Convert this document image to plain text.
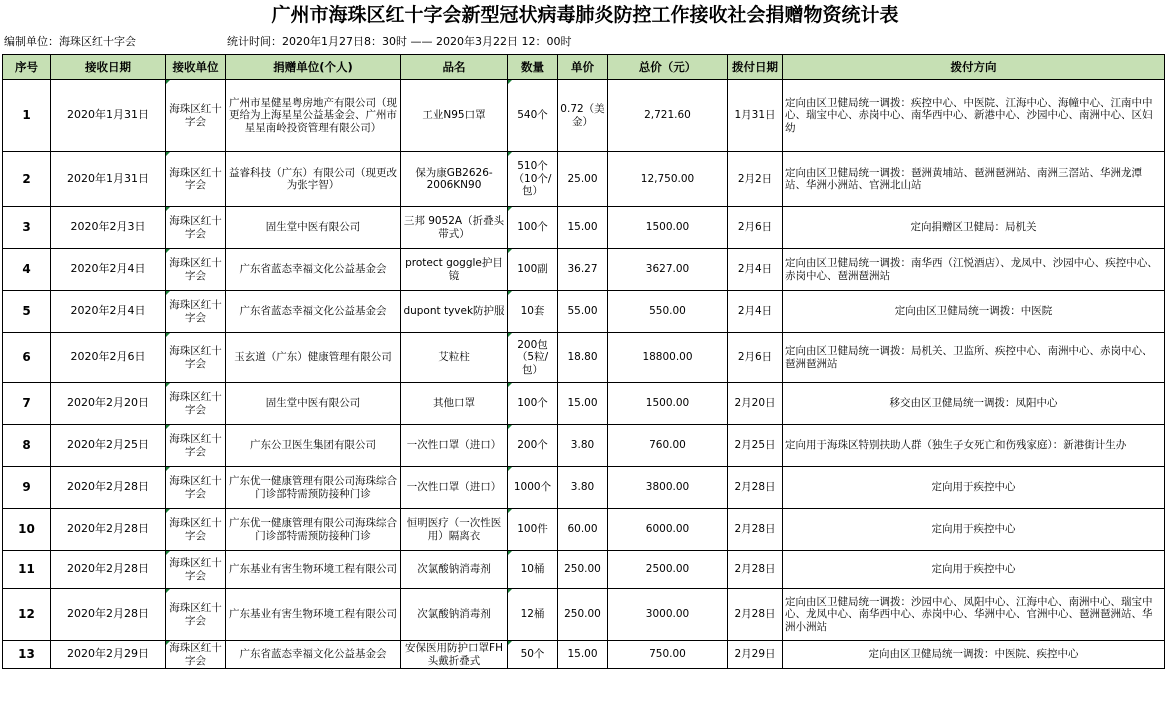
广州市海珠区红十字会新型冠状病毒肺炎防控工作接收社会捐赠物资统计表
编制单位：海珠区红十字会	统计时间：2020年1月27日8：30时 —— 2020年3月22日 12：00时
序号	接收日期	接收单位	捐赠单位(个人)	品名	数量	单价	总价（元）	拨付日期	拨付方向
1	2020年1月31日	海珠区红十字会	广州市星健星粤房地产有限公司（现更给为上海星星公益基金会、广州市星星南岭投资管理有限公司）	工业N95口罩	540个	0.72（美金）	2,721.60	1月31日	定向由区卫健局统一调拨：疾控中心、中医院、江海中心、海幢中心、江南中中心、瑞宝中心、赤岗中心、南华西中心、新港中心、沙园中心、南洲中心、区妇幼
2	2020年1月31日	海珠区红十字会	益睿科技（广东）有限公司（现更改为张宇智）	保为康GB2626-2006KN90	510个（10个/包）	25.00	12,750.00	2月2日	定向由区卫健局统一调拨：琶洲黄埔站、琶洲琶洲站、南洲三滘站、华洲龙潭站、华洲小洲站、官洲北山站
3	2020年2月3日	海珠区红十字会	固生堂中医有限公司	三邦 9052A（折叠头带式）	100个	15.00	1500.00	2月6日	定向捐赠区卫健局：局机关
4	2020年2月4日	海珠区红十字会	广东省蓝态幸福文化公益基金会	protect goggle护目镜	100副	36.27	3627.00	2月4日	定向由区卫健局统一调拨：南华西（江悦酒店）、龙凤中、沙园中心、疾控中心、赤岗中心、琶洲琶洲站
5	2020年2月4日	海珠区红十字会	广东省蓝态幸福文化公益基金会	dupont tyvek防护服	10套	55.00	550.00	2月4日	定向由区卫健局统一调拨：中医院
6	2020年2月6日	海珠区红十字会	玉玄道（广东）健康管理有限公司	艾粒柱	200包（5粒/包）	18.80	18800.00	2月6日	定向由区卫健局统一调拨：局机关、卫监所、疾控中心、南洲中心、赤岗中心、琶洲琶洲站
7	2020年2月20日	海珠区红十字会	固生堂中医有限公司	其他口罩	100个	15.00	1500.00	2月20日	移交由区卫健局统一调拨：凤阳中心
8	2020年2月25日	海珠区红十字会	广东公卫医生集团有限公司	一次性口罩（进口）	200个	3.80	760.00	2月25日	定向用于海珠区特别扶助人群（独生子女死亡和伤残家庭）：新港街计生办
9	2020年2月28日	海珠区红十字会	广东优一健康管理有限公司海珠综合门诊部特需预防接种门诊	一次性口罩（进口）	1000个	3.80	3800.00	2月28日	定向用于疾控中心
10	2020年2月28日	海珠区红十字会	广东优一健康管理有限公司海珠综合门诊部特需预防接种门诊	恒明医疗（一次性医用）隔离衣	100件	60.00	6000.00	2月28日	定向用于疾控中心
11	2020年2月28日	海珠区红十字会	广东基业有害生物环境工程有限公司	次氯酸钠消毒剂	10桶	250.00	2500.00	2月28日	定向用于疾控中心
12	2020年2月28日	海珠区红十字会	广东基业有害生物环境工程有限公司	次氯酸钠消毒剂	12桶	250.00	3000.00	2月28日	定向由区卫健局统一调拨：沙园中心、凤阳中心、江海中心、南洲中心、瑞宝中心、龙凤中心、南华西中心、赤岗中心、华洲中心、官洲中心、琶洲琶洲站、华洲小洲站
13	2020年2月29日	海珠区红十字会	广东省蓝态幸福文化公益基金会	安保医用防护口罩FH头戴折叠式	50个	15.00	750.00	2月29日	定向由区卫健局统一调拨：中医院、疾控中心
